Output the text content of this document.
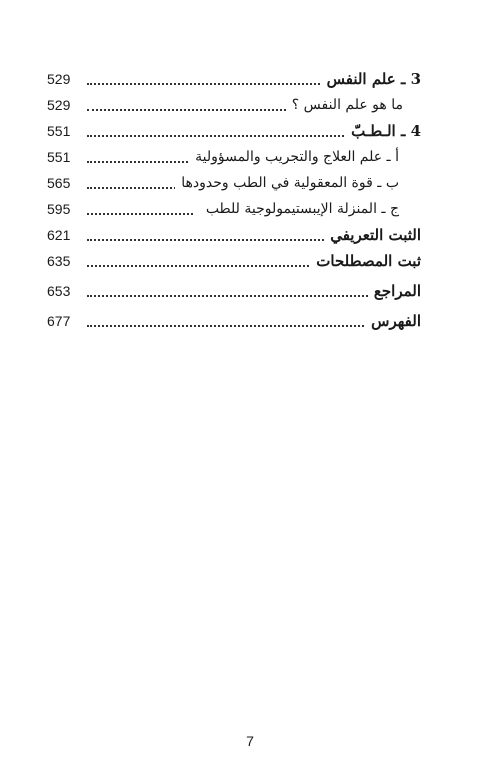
529	3 ـ علم النفس
529	ما هو علم النفس ؟
551	4 ـ الـطـبّ
551	أ ـ علم العلاج والتجريب والمسؤولية
565	ب ـ قوة المعقولية في الطب وحدودها
595	ج ـ المنزلة الإيبستيمولوجية للطب
621	الثبت التعريفي
635	ثبت المصطلحات
653	المراجع
677	الفهرس
7
